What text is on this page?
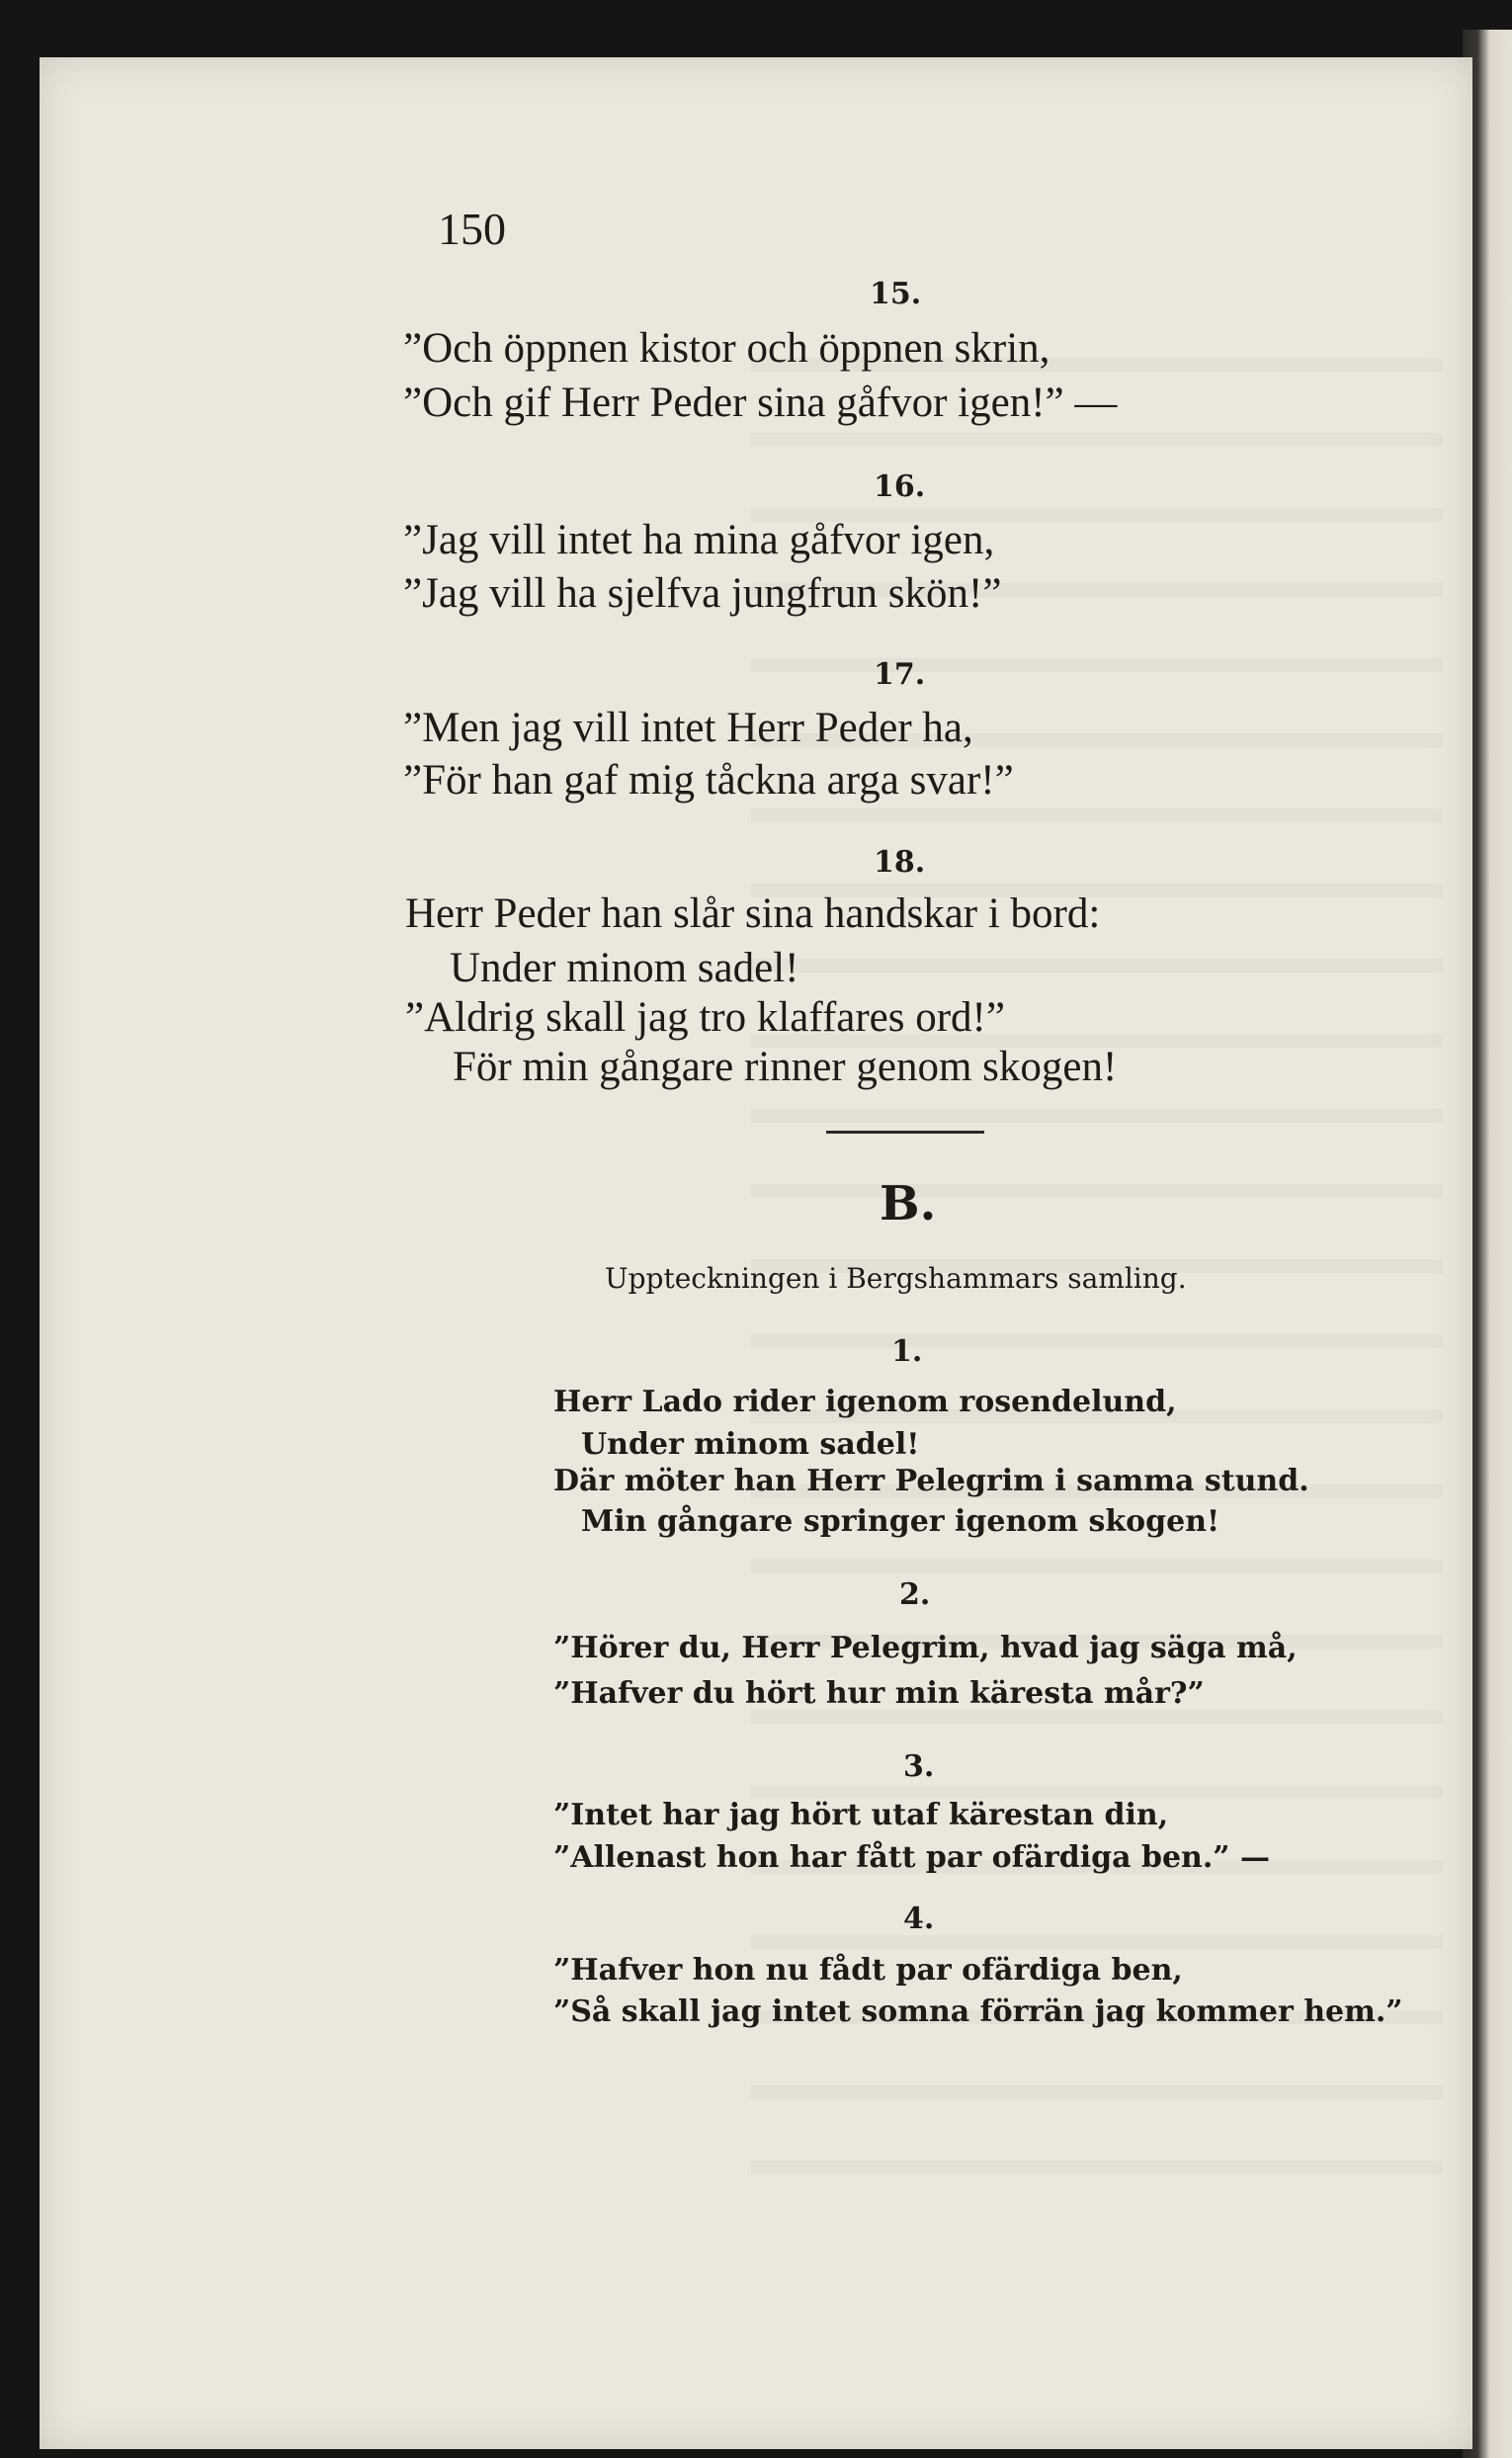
150
15.
”Och öppnen kistor och öppnen skrin,
”Och gif Herr Peder sina gåfvor igen!” —
16.
”Jag vill intet ha mina gåfvor igen,
”Jag vill ha sjelfva jungfrun skön!”
17.
”Men jag vill intet Herr Peder ha,
”För han gaf mig tåckna arga svar!”
18.
Herr Peder han slår sina handskar i bord:
Under minom sadel!
”Aldrig skall jag tro klaffares ord!”
För min gångare rinner genom skogen!
B.
Uppteckningen i Bergshammars samling.
1.
Herr Lado rider igenom rosendelund,
Under minom sadel!
Där möter han Herr Pelegrim i samma stund.
Min gångare springer igenom skogen!
2.
”Hörer du, Herr Pelegrim, hvad jag säga må,
”Hafver du hört hur min käresta mår?”
3.
”Intet har jag hört utaf kärestan din,
”Allenast hon har fått par ofärdiga ben.” —
4.
”Hafver hon nu fådt par ofärdiga ben,
”Så skall jag intet somna förrän jag kommer hem.”
